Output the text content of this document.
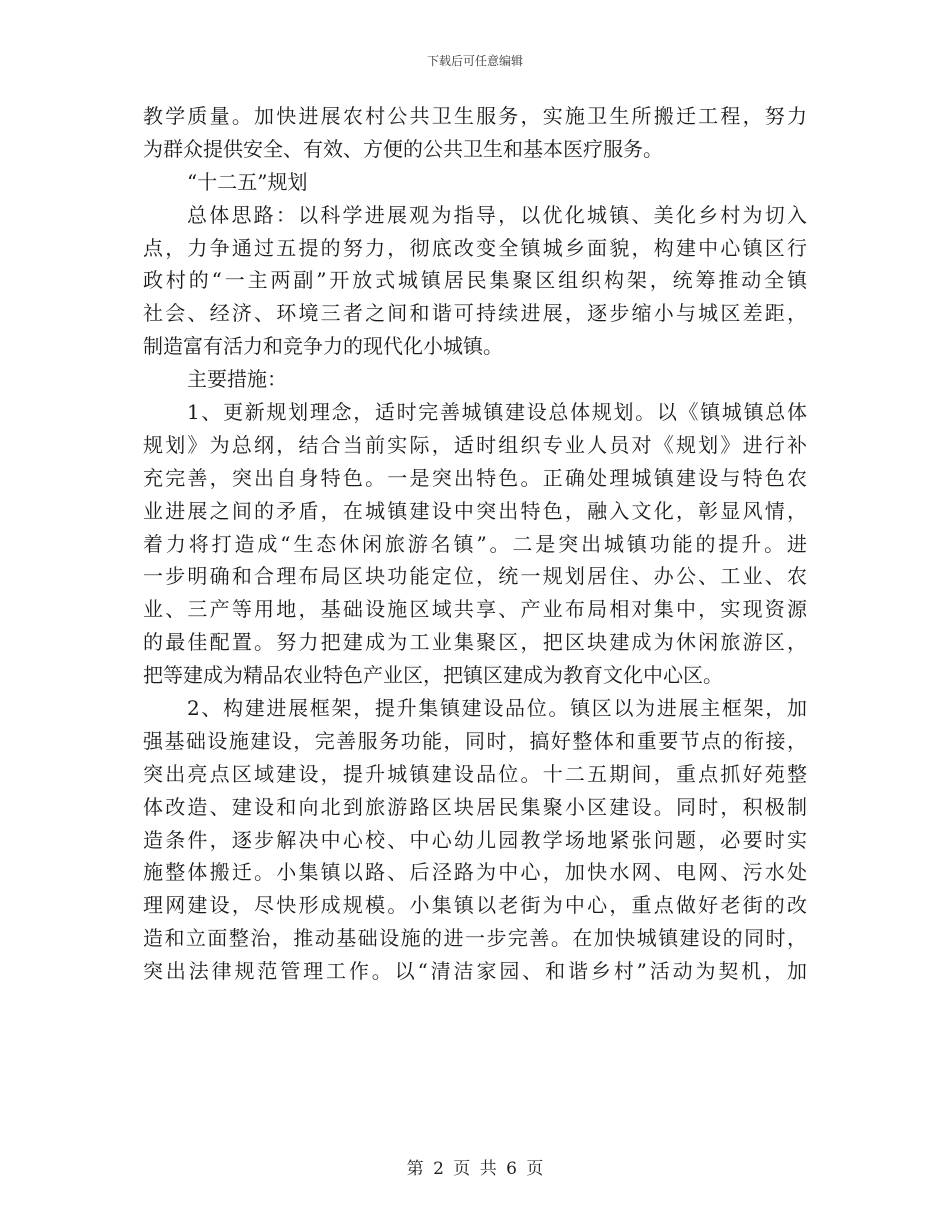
下载后可任意编辑
教学质量。加快进展农村公共卫生服务，实施卫生所搬迁工程，努力
为群众提供安全、有效、方便的公共卫生和基本医疗服务。
“十二五”规划
总体思路：以科学进展观为指导，以优化城镇、美化乡村为切入
点，力争通过五提的努力，彻底改变全镇城乡面貌，构建中心镇区行
政村的“一主两副”开放式城镇居民集聚区组织构架，统筹推动全镇
社会、经济、环境三者之间和谐可持续进展，逐步缩小与城区差距，
制造富有活力和竞争力的现代化小城镇。
主要措施：
1、更新规划理念，适时完善城镇建设总体规划。以《镇城镇总体
规划》为总纲，结合当前实际，适时组织专业人员对《规划》进行补
充完善，突出自身特色。一是突出特色。正确处理城镇建设与特色农
业进展之间的矛盾，在城镇建设中突出特色，融入文化，彰显风情，
着力将打造成“生态休闲旅游名镇”。二是突出城镇功能的提升。进
一步明确和合理布局区块功能定位，统一规划居住、办公、工业、农
业、三产等用地，基础设施区域共享、产业布局相对集中，实现资源
的最佳配置。努力把建成为工业集聚区，把区块建成为休闲旅游区，
把等建成为精品农业特色产业区，把镇区建成为教育文化中心区。
2、构建进展框架，提升集镇建设品位。镇区以为进展主框架，加
强基础设施建设，完善服务功能，同时，搞好整体和重要节点的衔接，
突出亮点区域建设，提升城镇建设品位。十二五期间，重点抓好苑整
体改造、建设和向北到旅游路区块居民集聚小区建设。同时，积极制
造条件，逐步解决中心校、中心幼儿园教学场地紧张问题，必要时实
施整体搬迁。小集镇以路、后泾路为中心，加快水网、电网、污水处
理网建设，尽快形成规模。小集镇以老街为中心，重点做好老街的改
造和立面整治，推动基础设施的进一步完善。在加快城镇建设的同时，
突出法律规范管理工作。以“清洁家园、和谐乡村”活动为契机，加
第 2 页 共 6 页
